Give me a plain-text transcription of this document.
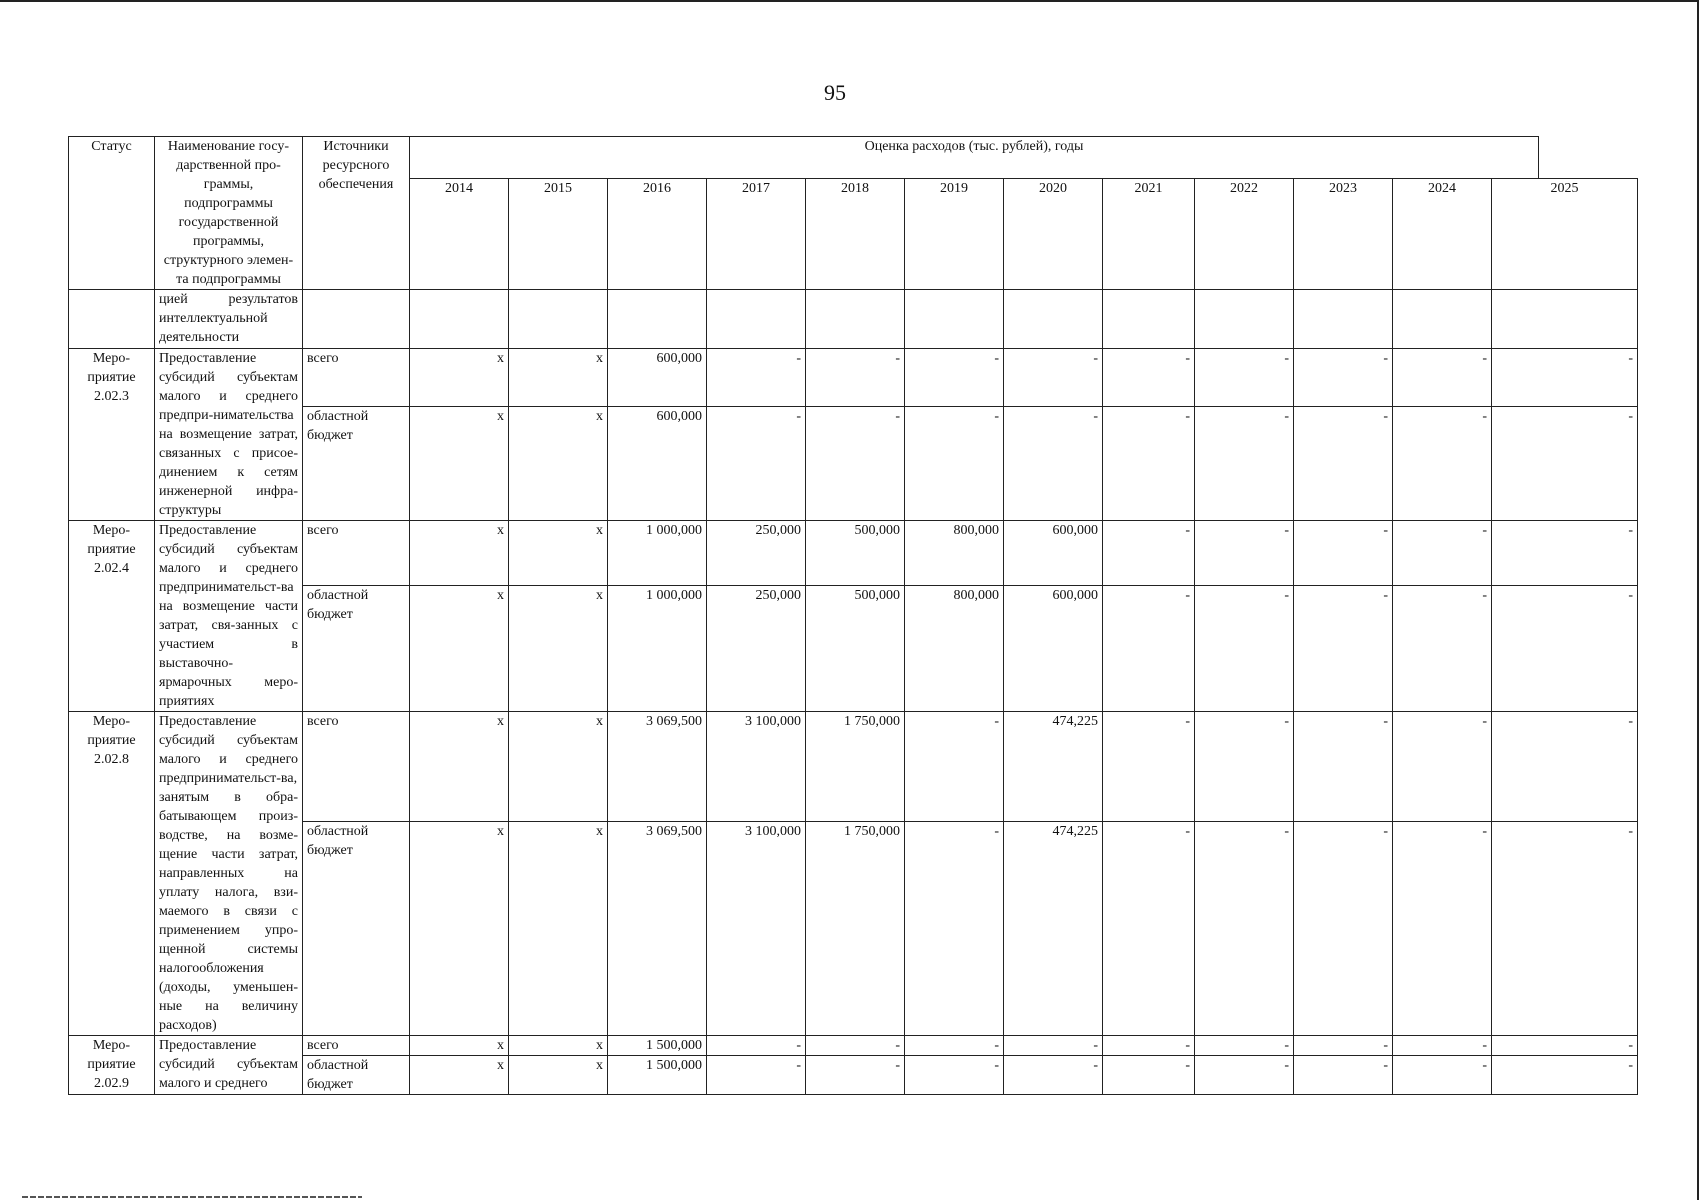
95
Статус	Наименование госу-дарственной про-граммы, подпрограммы государственной программы, структурного элемен-та подпрограммы	Источники ресурсного обеспечения	Оценка расходов (тыс. рублей), годы											
			2014	2015	2016	2017	2018	2019	2020	2021	2022	2023	2024	2025
	цией результатов интеллектуальной деятельности													
Меро-приятие 2.02.3	Предоставление субсидий субъектам малого и среднего предпри-нимательства на возмещение затрат, связанных с присое-динением к сетям инженерной инфра-структуры	всего	х	х	600,000	-	-	-	-	-	-	-	-	-
		областной бюджет	х	х	600,000	-	-	-	-	-	-	-	-	-
Меро-приятие 2.02.4	Предоставление субсидий субъектам малого и среднего предпринимательст-ва на возмещение части затрат, свя-занных с участием в выставочно-ярмарочных меро-приятиях	всего	х	х	1 000,000	250,000	500,000	800,000	600,000	-	-	-	-	-
		областной бюджет	х	х	1 000,000	250,000	500,000	800,000	600,000	-	-	-	-	-
Меро-приятие 2.02.8	Предоставление субсидий субъектам малого и среднего предпринимательст-ва, занятым в обра-батывающем произ-водстве, на возме-щение части затрат, направленных на уплату налога, взи-маемого в связи с применением упро-щенной системы налогообложения (доходы, уменьшен-ные на величину расходов)	всего	х	х	3 069,500	3 100,000	1 750,000	-	474,225	-	-	-	-	-
		областной бюджет	х	х	3 069,500	3 100,000	1 750,000	-	474,225	-	-	-	-	-
Меро-приятие 2.02.9	Предоставление субсидий субъектам малого и среднего	всего	х	х	1 500,000	-	-	-	-	-	-	-	-	-
		областной бюджет	х	х	1 500,000	-	-	-	-	-	-	-	-	-
